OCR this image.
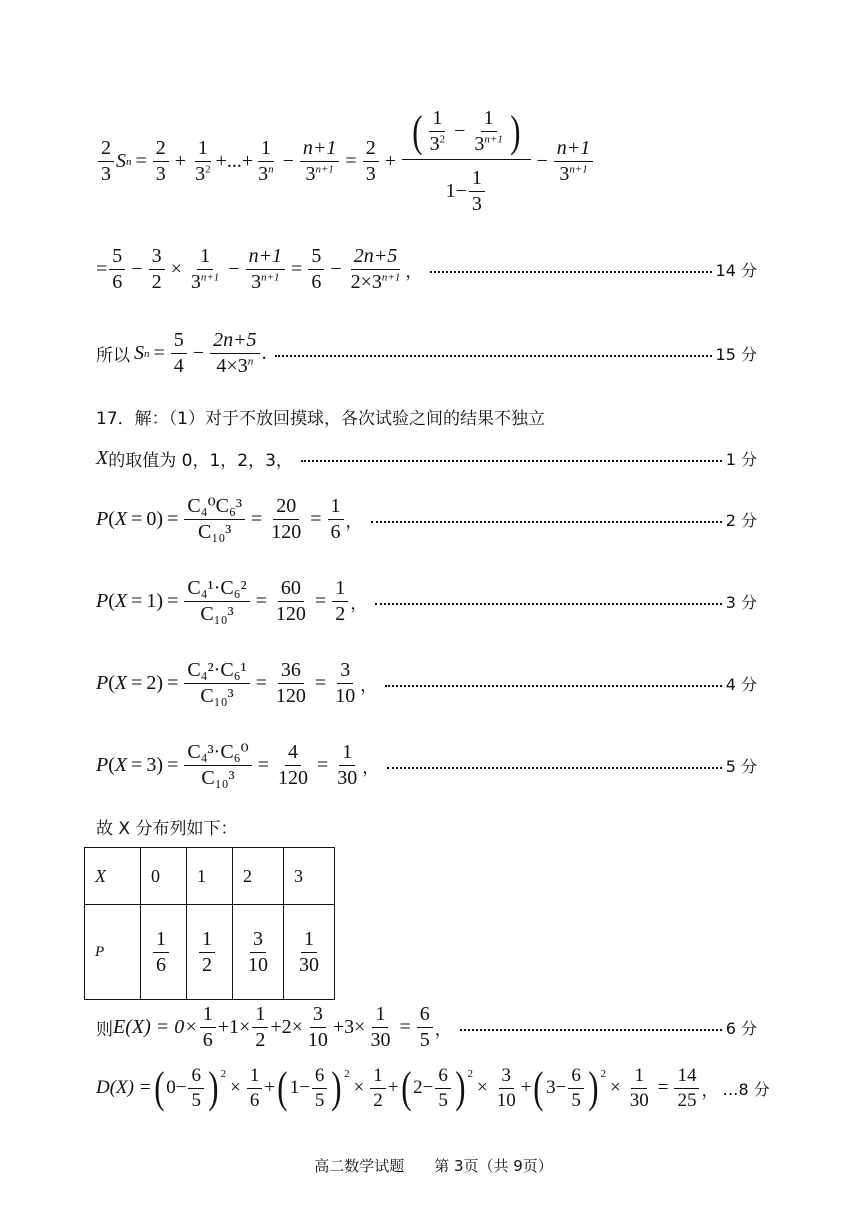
$\frac{2}{3}$ S $n = \frac{2}{3} + \frac{1}{3^2}$ +...+ $\frac{1}{3^n} - \frac{n+1}{3^{n+1}} = \frac{2}{3} + \frac{( \frac{1}{3^2} - \frac{1}{3^{n+1}} )}{1- \frac{1}{3}} - \frac{n+1}{3^{n+1}}$
= $\frac{5}{6} - \frac{3}{2} \times \frac{1}{3^{n+1}} - \frac{n+1}{3^{n+1}} = \frac{5}{6} - \frac{2n+5}{2\times 3^{n+1}}$ ，	14 分
所以 S $n = \frac{5}{4} - \frac{2n+5}{4\times 3^n}$ .	15 分
17．解：（1）对于不放回摸球，各次试验之间的结果不独立
X 的取值为 0，1，2，3，	1 分
P ( X = 0 ) = $\frac{\text{C₄⁰C₆³}}{\text{C₁₀³}} = \frac{20}{120} = \frac{1}{6}$ ，	2 分
P ( X = 1 ) = $\frac{\text{C₄¹·C₆²}}{\text{C₁₀³}} = \frac{60}{120} = \frac{1}{2}$ ，	3 分
P ( X = 2 ) = $\frac{\text{C₄²·C₆¹}}{\text{C₁₀³}} = \frac{36}{120} = \frac{3}{10}$ ，	4 分
P ( X = 3 ) = $\frac{\text{C₄³·C₆⁰}}{\text{C₁₀³}} = \frac{4}{120} = \frac{1}{30}$ ，	5 分
故 X 分布列如下：
X	0	1	2	3
P	$\frac{1}{6}$	$\frac{1}{2}$	$\frac{3}{10}$	$\frac{1}{30}$
则 $E(X) = 0\times \frac{1}{6} +1\times \frac{1}{2} +2\times \frac{3}{10} +3\times \frac{1}{30} = \frac{6}{5}$ ，	6 分
D(X) = ( $0- \frac{6}{5} )^2$
× $\frac{1}{6}$ + ( $1- \frac{6}{5} )^2$
× $\frac{1}{2}$ + ( $2- \frac{6}{5} )^2$
× $\frac{3}{10}$ + ( $3- \frac{6}{5} )^2$
× $\frac{1}{30} = \frac{14}{25}$ ， …8 分
高二数学试题　　第 3页（共 9页）
